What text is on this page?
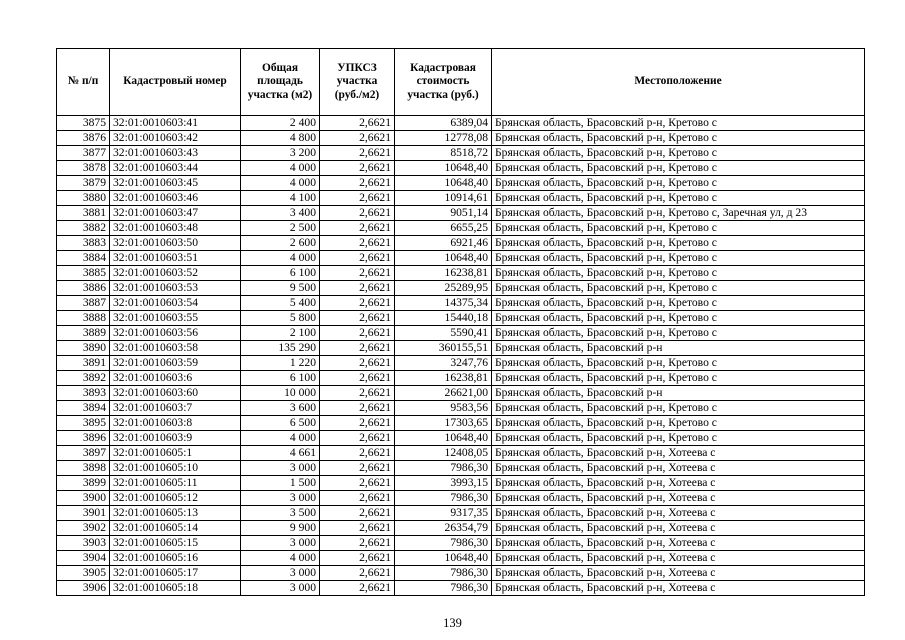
№ п/п	Кадастровый номер	Общая площадь участка (м2)	УПКСЗ участка (руб./м2)	Кадастровая стоимость участка (руб.)	Местоположение
3875	32:01:0010603:41	2 400	2,6621	6389,04	Брянская область, Брасовский р-н, Кретово с
3876	32:01:0010603:42	4 800	2,6621	12778,08	Брянская область, Брасовский р-н, Кретово с
3877	32:01:0010603:43	3 200	2,6621	8518,72	Брянская область, Брасовский р-н, Кретово с
3878	32:01:0010603:44	4 000	2,6621	10648,40	Брянская область, Брасовский р-н, Кретово с
3879	32:01:0010603:45	4 000	2,6621	10648,40	Брянская область, Брасовский р-н, Кретово с
3880	32:01:0010603:46	4 100	2,6621	10914,61	Брянская область, Брасовский р-н, Кретово с
3881	32:01:0010603:47	3 400	2,6621	9051,14	Брянская область, Брасовский р-н, Кретово с, Заречная ул, д 23
3882	32:01:0010603:48	2 500	2,6621	6655,25	Брянская область, Брасовский р-н, Кретово с
3883	32:01:0010603:50	2 600	2,6621	6921,46	Брянская область, Брасовский р-н, Кретово с
3884	32:01:0010603:51	4 000	2,6621	10648,40	Брянская область, Брасовский р-н, Кретово с
3885	32:01:0010603:52	6 100	2,6621	16238,81	Брянская область, Брасовский р-н, Кретово с
3886	32:01:0010603:53	9 500	2,6621	25289,95	Брянская область, Брасовский р-н, Кретово с
3887	32:01:0010603:54	5 400	2,6621	14375,34	Брянская область, Брасовский р-н, Кретово с
3888	32:01:0010603:55	5 800	2,6621	15440,18	Брянская область, Брасовский р-н, Кретово с
3889	32:01:0010603:56	2 100	2,6621	5590,41	Брянская область, Брасовский р-н, Кретово с
3890	32:01:0010603:58	135 290	2,6621	360155,51	Брянская область, Брасовский р-н
3891	32:01:0010603:59	1 220	2,6621	3247,76	Брянская область, Брасовский р-н, Кретово с
3892	32:01:0010603:6	6 100	2,6621	16238,81	Брянская область, Брасовский р-н, Кретово с
3893	32:01:0010603:60	10 000	2,6621	26621,00	Брянская область, Брасовский р-н
3894	32:01:0010603:7	3 600	2,6621	9583,56	Брянская область, Брасовский р-н, Кретово с
3895	32:01:0010603:8	6 500	2,6621	17303,65	Брянская область, Брасовский р-н, Кретово с
3896	32:01:0010603:9	4 000	2,6621	10648,40	Брянская область, Брасовский р-н, Кретово с
3897	32:01:0010605:1	4 661	2,6621	12408,05	Брянская область, Брасовский р-н, Хотеева с
3898	32:01:0010605:10	3 000	2,6621	7986,30	Брянская область, Брасовский р-н, Хотеева с
3899	32:01:0010605:11	1 500	2,6621	3993,15	Брянская область, Брасовский р-н, Хотеева с
3900	32:01:0010605:12	3 000	2,6621	7986,30	Брянская область, Брасовский р-н, Хотеева с
3901	32:01:0010605:13	3 500	2,6621	9317,35	Брянская область, Брасовский р-н, Хотеева с
3902	32:01:0010605:14	9 900	2,6621	26354,79	Брянская область, Брасовский р-н, Хотеева с
3903	32:01:0010605:15	3 000	2,6621	7986,30	Брянская область, Брасовский р-н, Хотеева с
3904	32:01:0010605:16	4 000	2,6621	10648,40	Брянская область, Брасовский р-н, Хотеева с
3905	32:01:0010605:17	3 000	2,6621	7986,30	Брянская область, Брасовский р-н, Хотеева с
3906	32:01:0010605:18	3 000	2,6621	7986,30	Брянская область, Брасовский р-н, Хотеева с
139
